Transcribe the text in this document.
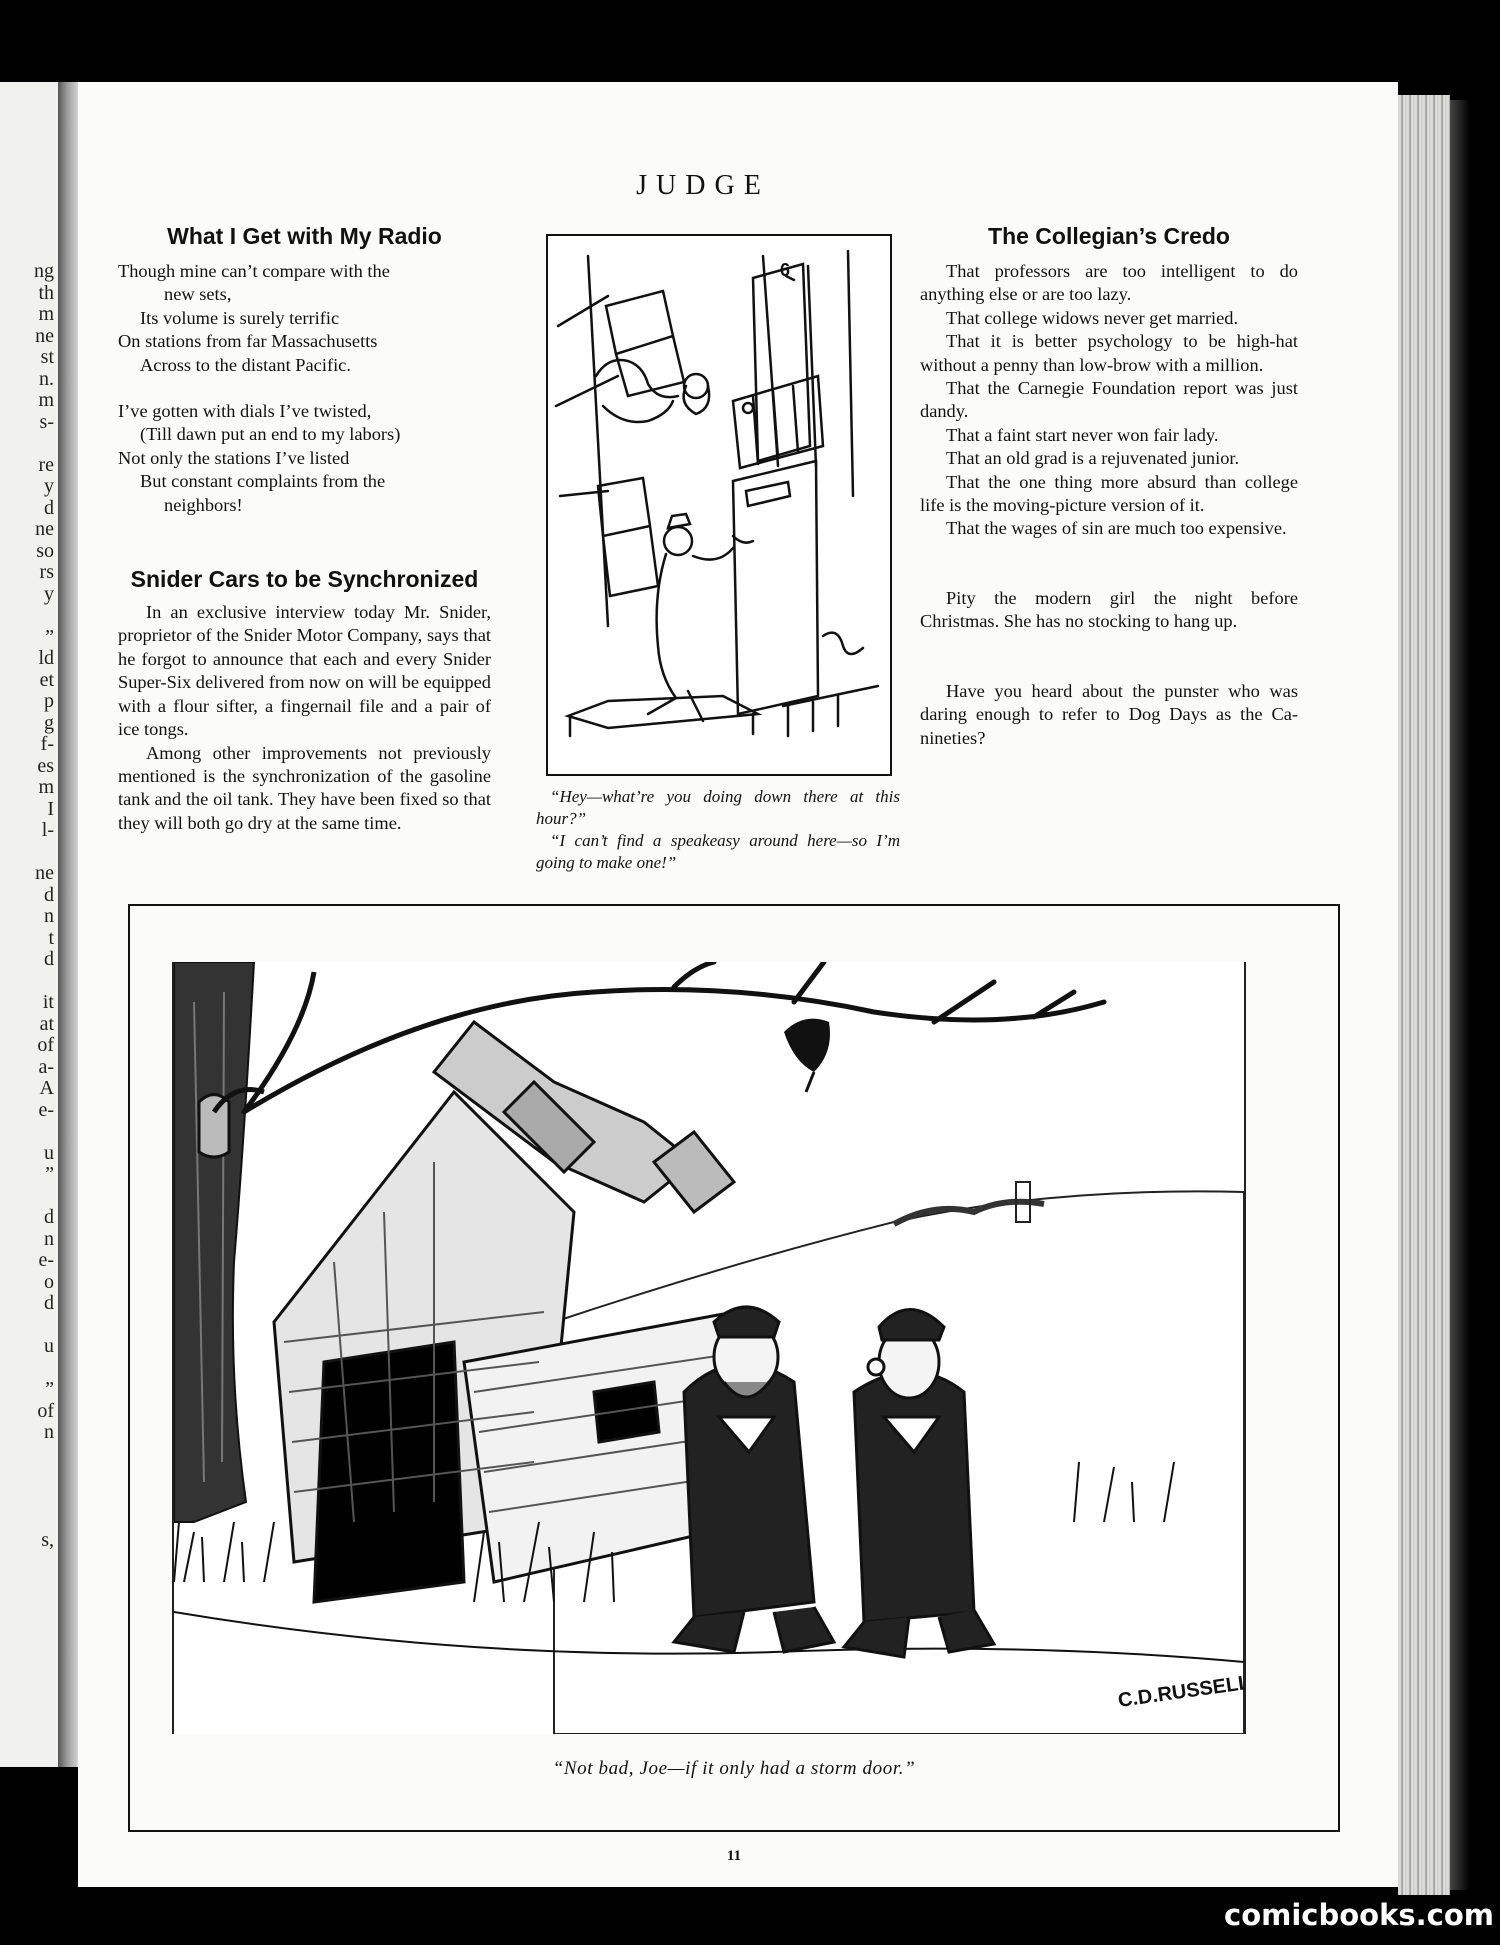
ng
th
m
ne
st
n.
m
s-
re
y
d
ne
so
rs
y
”
ld
et
p
g
f-
es
m
I
l-
ne
d
n
t
d
it
at
of
a-
A
e-
u
”
d
n
e-
o
d
u
”
of
n
s,
JUDGE
What I Get with My Radio
Though mine can’t compare with the
new sets,
Its volume is surely terrific
On stations from far Massachusetts
Across to the distant Pacific.
I’ve gotten with dials I’ve twisted,
(Till dawn put an end to my labors)
Not only the stations I’ve listed
But constant complaints from the
neighbors!
Snider Cars to be Synchronized

In an exclusive interview today Mr. Snider, proprietor of the Snider Motor Company, says that he forgot to announce that each and every Snider Super-Six delivered from now on will be equipped with a flour sifter, a fingernail file and a pair of ice tongs.

Among other improvements not previously mentioned is the synchronization of the gasoline tank and the oil tank. They have been fixed so that they will both go dry at the same time.

6

“Hey—what’re you doing down there at this hour?”

“I can’t find a speakeasy around here—so I’m going to make one!”

The Collegian’s Credo

That professors are too intelligent to do anything else or are too lazy.

That college widows never get married.

That it is better psychology to be high-hat without a penny than low-brow with a million.

That the Carnegie Foundation report was just dandy.

That a faint start never won fair lady.

That an old grad is a rejuvenated junior.

That the one thing more absurd than college life is the moving-picture version of it.

That the wages of sin are much too expensive.

Pity the modern girl the night before Christmas. She has no stocking to hang up.

Have you heard about the punster who was daring enough to refer to Dog Days as the Ca-nineties?

C.D.RUSSELL
“Not bad, Joe—if it only had a storm door.”
11
comicbooks.com
